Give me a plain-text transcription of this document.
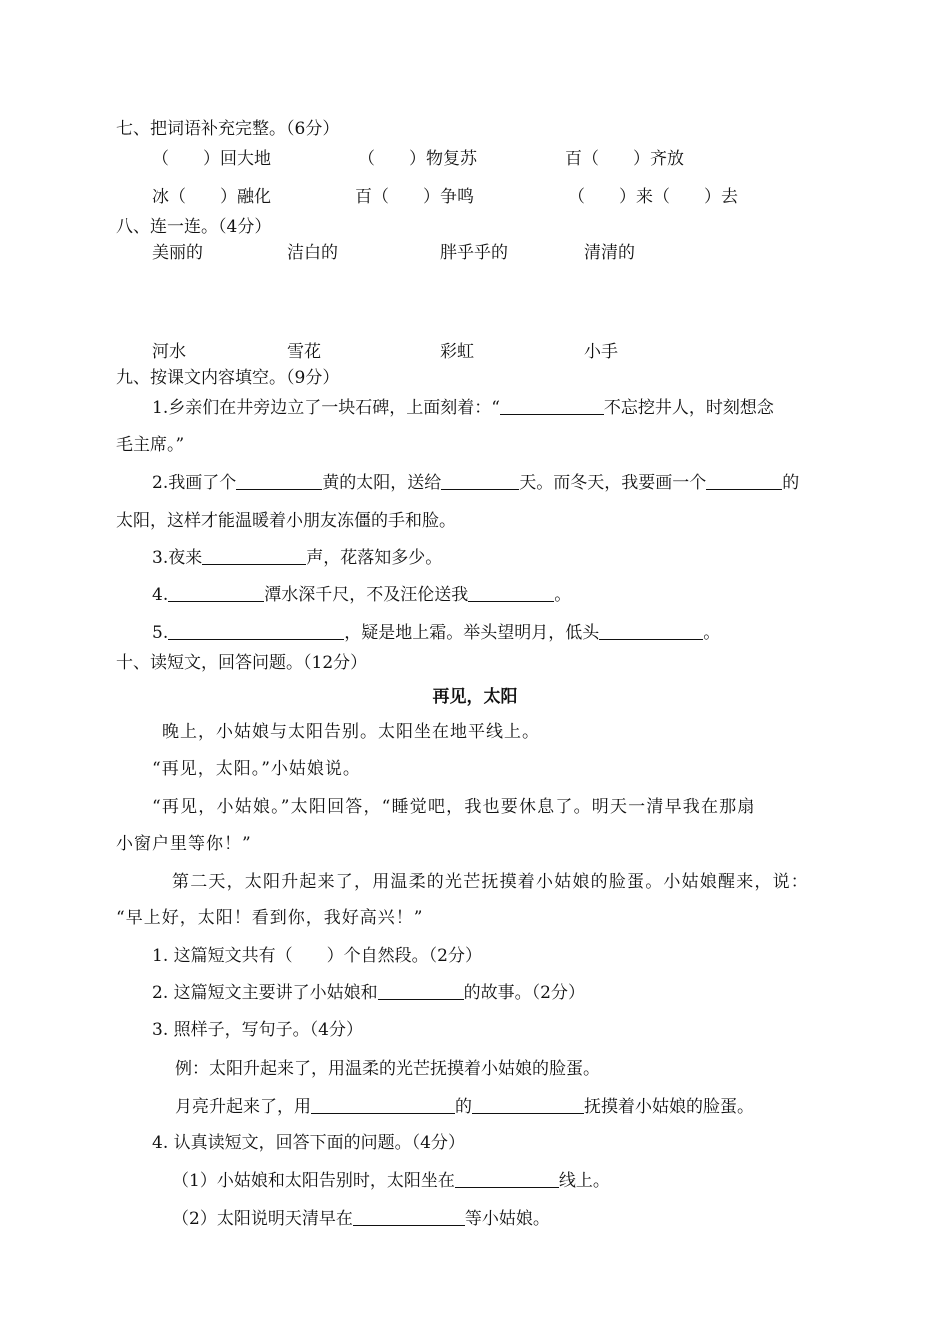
七、把词语补充完整。（6分）
（　　）回大地	（　　）物复苏	百（　　）齐放
冰（　　）融化	百（　　）争鸣	（　　）来（　　）去
八、连一连。（4分）
美丽的	洁白的	胖乎乎的	清清的
河水	雪花	彩虹	小手
九、按课文内容填空。（9分）
1.乡亲们在井旁边立了一块石碑，上面刻着：“	不忘挖井人，时刻想念
毛主席。”
2.我画了个	黄的太阳，送给	天。而冬天，我要画一个	的
太阳，这样才能温暖着小朋友冻僵的手和脸。
3.夜来	声，花落知多少。
4.	潭水深千尺，不及汪伦送我	。
5.	，疑是地上霜。举头望明月，低头	。
十、读短文，回答问题。（12分）
再见，太阳
晚上，小姑娘与太阳告别。太阳坐在地平线上。
“再见，太阳。”小姑娘说。
“再见，小姑娘。”太阳回答，“睡觉吧，我也要休息了。明天一清早我在那扇
小窗户里等你！”
第二天，太阳升起来了，用温柔的光芒抚摸着小姑娘的脸蛋。小姑娘醒来，说：
“早上好，太阳！看到你，我好高兴！”
1. 这篇短文共有（　　）个自然段。（2分）
2. 这篇短文主要讲了小姑娘和	的故事。（2分）
3. 照样子，写句子。（4分）
例：太阳升起来了，用温柔的光芒抚摸着小姑娘的脸蛋。
月亮升起来了，用	的	抚摸着小姑娘的脸蛋。
4. 认真读短文，回答下面的问题。（4分）
（1）小姑娘和太阳告别时，太阳坐在	线上。
（2）太阳说明天清早在	等小姑娘。
